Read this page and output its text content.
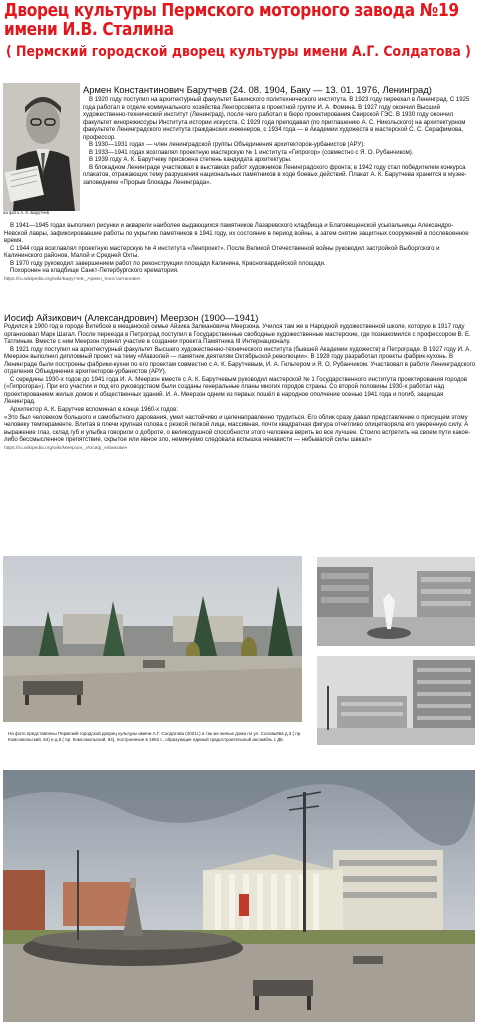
Дворец культуры Пермского моторного завода №19 имени И.В. Сталина
( Пермский городской дворец культуры имени А.Г. Солдатова )
на фото А. К. Барутчев
Армен Константинович Барутчев (24. 08. 1904, Баку — 13. 01. 1976, Ленинград)

В 1920 году поступил на архитектурный факультет Бакинского политехнического института. В 1923 году переехал в Ленинград. С 1925 года работал в отделе коммунального хозяйства Ленгорсовета в проектной группе И. А. Фомина. В 1927 году окончил Высший художественно-технический институт (Ленинград), после чего работал в бюро проектирования Свирской ГЭС. В 1930 году окончил факультет кинорежиссуры Института истории искусств. С 1929 года преподавал (по приглашению А. С. Никольского) на архитектурном факультете Ленинградского института гражданских инженеров, с 1934 года — в Академии художеств в мастерской С. С. Серафимова, профессор.

В 1930—1931 годах — член ленинградской группы Объединения архитекторов-урбанистов (АРУ).

В 1933—1941 годах возглавлял проектную мастерскую № 1 института «Гипрогор» (совместно с Я. О. Рубанчиком).

В 1939 году А. К. Барутчеву присвоена степень кандидата архитектуры.

В блокадном Ленинграде участвовал в выставках работ художников Ленинградского фронта; в 1942 году стал победителем конкурса плакатов, отражающих тему разрушения национальных памятников в ходе боевых действий. Плакат А. К. Барутчева хранится в музее-заповеднике «Прорыв блокады Ленинграда».

В 1941—1945 годах выполнил рисунки и акварели наиболее выдающихся памятников Лазаревского кладбища и Благовещенской усыпальницы Александро-Невской лавры, зафиксировавшие работы по укрытию памятников в 1941 году, их состояние в период войны, а затем снятие защитных сооружений в послевоенное время.

С 1944 года возглавлял проектную мастерскую № 4 института «Ленпроект». После Великой Отечественной войны руководил застройкой Выборгского и Калининского районов, Малой и Средней Охты.

В 1970 году руководил завершением работ по реконструкции площади Калинина, Красногвардейской площади.

Похоронен на кладбище Санкт-Петербургского крематория.

https://ru.wikipedia.org/wiki/Барутчев,_Армен_Константинович

Иосиф Айзикович (Александрович) Меерзон (1900—1941)

Родился в 1900 год в городе Витебске в мещанской семье Айзика Залмановича Меерзона. Учился там же в Народной художественной школе, которую в 1917 году организовал Марк Шагал. После переезда в Петроград поступил в Государственные свободные художественные мастерские, где познакомился с профессором В. Е. Татлиным. Вместе с ним Меерзон принял участие в создании проекта Памятника III Интернационалу.

В 1921 году поступил на архитектурный факультет Высшего художественно-технического института (бывшей Академии художеств) в Петрограде. В 1927 году И. А. Меерзон выполнил дипломный проект на тему «Мавзолей — памятник деятелям Октябрьской революции». В 1928 году разработал проекты фабрик-кухонь. В Ленинграде были построены фабрики-кухни по его проектам совместно с А. К. Барутчевым, И. А. Гильтером и Я. О. Рубанчиком. Участвовал в работе Ленинградского отделения Объединения архитекторов-урбанистов (АРУ).

С середины 1930-х годов до 1941 года И. А. Меерзон вместе с А. К. Барутчевым руководил мастерской № 1 Государственного института проектирования городов («Гипрогора»). При его участии и под его руководством были созданы генеральные планы многих городов страны. Со второй половины 1930-х работал над проектированием жилых домов и общественных зданий. И. А. Меерзон одним из первых пошёл в народное ополчение осенью 1941 года и погиб, защищая Ленинград.

Архитектор А. К. Барутчев вспоминал в конце 1960-х годов:

«Это был человеком большого и самобытного дарования, умел настойчиво и целенаправленно трудиться. Его облик сразу давал представление о присущем этому человеку темпераменте. Влитая в плечи крупная голова с резкой лепкой лица, массивная, почти квадратная фигура отчетливо олицетворяла его уверенную силу. А выражение глаз, склад губ и улыбка говорили о доброте, о великодушной способности этого человека верить во все лучшее. Стоило встретить на своем пути какое-либо бессмысленное препятствие, скрытое или явное зло, неминуемо следовала вспышка ненависти — небывалой силы швкал»

https://ru.wikipedia.org/wiki/Меерзон,_Иосиф_Айзикович

На фото представлены Пермский городской дворец культуры имени А.Г. Солдатова (2021г.) а так же жилые дома по ул. Соловьёва д.3 ( пр. Комсомольский, 84) и д.8 ( пр. Комсомольский, 84), построенные в 1952 г., образующие единый градостроительный ансамбль с ДК.
